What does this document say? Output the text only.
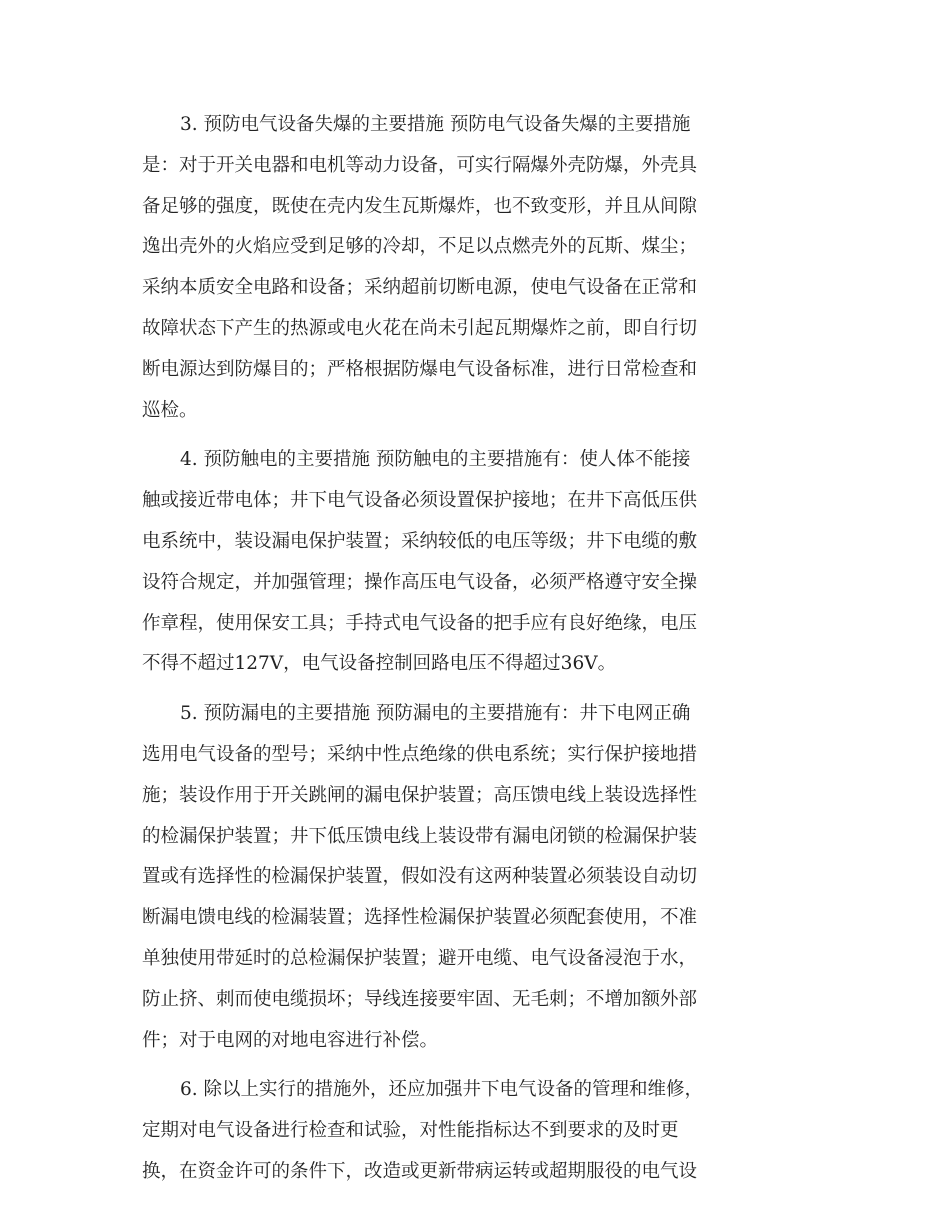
3. 预防电气设备失爆的主要措施 预防电气设备失爆的主要措施
是：对于开关电器和电机等动力设备，可实行隔爆外壳防爆，外壳具
备足够的强度，既使在壳内发生瓦斯爆炸，也不致变形，并且从间隙
逸出壳外的火焰应受到足够的冷却，不足以点燃壳外的瓦斯、煤尘；
采纳本质安全电路和设备；采纳超前切断电源，使电气设备在正常和
故障状态下产生的热源或电火花在尚未引起瓦期爆炸之前，即自行切
断电源达到防爆目的；严格根据防爆电气设备标准，进行日常检查和
巡检。
4. 预防触电的主要措施 预防触电的主要措施有：使人体不能接
触或接近带电体；井下电气设备必须设置保护接地；在井下高低压供
电系统中，装设漏电保护装置；采纳较低的电压等级；井下电缆的敷
设符合规定，并加强管理；操作高压电气设备，必须严格遵守安全操
作章程，使用保安工具；手持式电气设备的把手应有良好绝缘，电压
不得不超过127V，电气设备控制回路电压不得超过36V。
5. 预防漏电的主要措施 预防漏电的主要措施有：井下电网正确
选用电气设备的型号；采纳中性点绝缘的供电系统；实行保护接地措
施；装设作用于开关跳闸的漏电保护装置；高压馈电线上装设选择性
的检漏保护装置；井下低压馈电线上装设带有漏电闭锁的检漏保护装
置或有选择性的检漏保护装置，假如没有这两种装置必须装设自动切
断漏电馈电线的检漏装置；选择性检漏保护装置必须配套使用，不准
单独使用带延时的总检漏保护装置；避开电缆、电气设备浸泡于水，
防止挤、刺而使电缆损坏；导线连接要牢固、无毛刺；不增加额外部
件；对于电网的对地电容进行补偿。
6. 除以上实行的措施外，还应加强井下电气设备的管理和维修，
定期对电气设备进行检查和试验，对性能指标达不到要求的及时更
换，在资金许可的条件下，改造或更新带病运转或超期服役的电气设
